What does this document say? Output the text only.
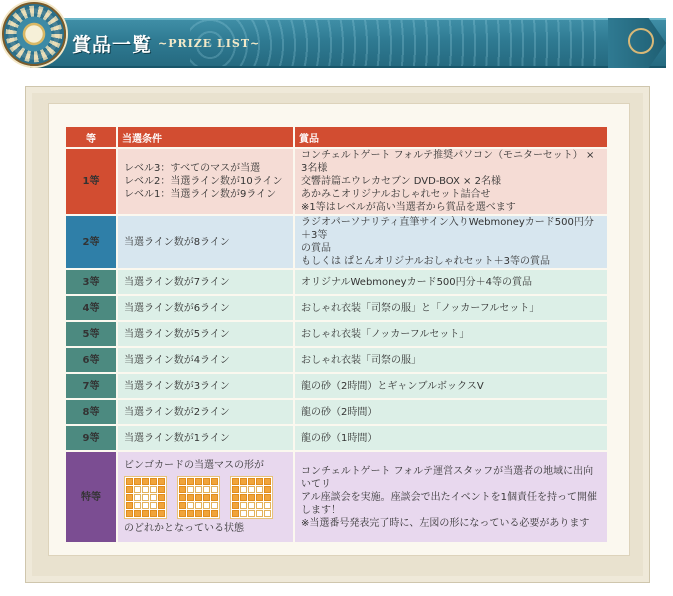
賞品一覧 ~PRIZE LIST~
等	当選条件	賞品
1等	レベル3：すべてのマスが当選
レベル2：当選ライン数が10ライン
レベル1：当選ライン数が9ライン	コンチェルトゲート フォルテ推奨パソコン（モニターセット） × 3名様
交響詩篇エウレカセブン DVD-BOX × 2名様
あかみこオリジナルおしゃれセット詰合せ
※1等はレベルが高い当選者から賞品を選べます

2等	当選ライン数が8ライン	ラジオパーソナリティ直筆サイン入りWebmoneyカード500円分＋3等
の賞品
もしくは ぱとんオリジナルおしゃれセット＋3等の賞品

3等	当選ライン数が7ライン	オリジナルWebmoneyカード500円分＋4等の賞品
4等	当選ライン数が6ライン	おしゃれ衣装「司祭の服」と「ノッカーフルセット」
5等	当選ライン数が5ライン	おしゃれ衣装「ノッカーフルセット」
6等	当選ライン数が4ライン	おしゃれ衣装「司祭の服」
7等	当選ライン数が3ライン	龍の砂（2時間）とギャンブルボックスV
8等	当選ライン数が2ライン	龍の砂（2時間）
9等	当選ライン数が1ライン	龍の砂（1時間）
特等	ビンゴカードの当選マスの形が
のどれかとなっている状態	コンチェルトゲート フォルテ運営スタッフが当選者の地域に出向いてリ
アル座談会を実施。座談会で出たイベントを1個責任を持って開催
します！
※当選番号発表完了時に、左図の形になっている必要があります
